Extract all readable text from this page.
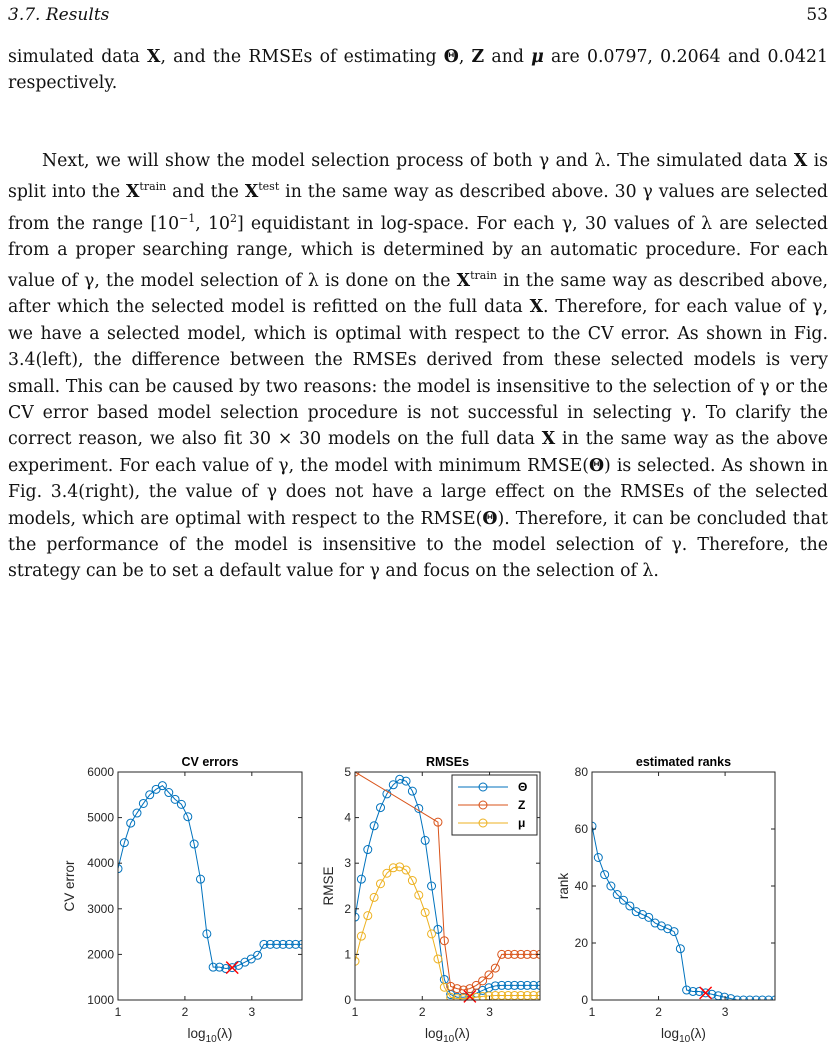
3.7. Results	53
simulated data X, and the RMSEs of estimating Θ, Z and μ are 0.0797, 0.2064 and 0.0421 respectively.
Next, we will show the model selection process of both γ and λ. The simulated data X is split into the $X^{train}$ and the $X^{test}$ in the same way as described above. 30 γ values are selected from the range [$10^{-1}$, $10^2$] equidistant in log-space. For each γ, 30 values of λ are selected from a proper searching range, which is determined by an automatic procedure. For each value of γ, the model selection of λ is done on the $X^{train}$ in the same way as described above, after which the selected model is refitted on the full data X. Therefore, for each value of γ, we have a selected model, which is optimal with respect to the CV error. As shown in Fig. 3.4(left), the difference between the RMSEs derived from these selected models is very small. This can be caused by two reasons: the model is insensitive to the selection of γ or the CV error based model selection procedure is not successful in selecting γ. To clarify the correct reason, we also fit 30 × 30 models on the full data X in the same way as the above experiment. For each value of γ, the model with minimum RMSE(Θ) is selected. As shown in Fig. 3.4(right), the value of γ does not have a large effect on the RMSEs of the selected models, which are optimal with respect to the RMSE(Θ). Therefore, it can be concluded that the performance of the model is insensitive to the model selection of γ. Therefore, the strategy can be to set a default value for γ and focus on the selection of λ.
CV errors
1	2	3
1000
2000
3000
4000
5000
6000
$\log_{10}(\lambda)$
CV error
RMSEs
1	2	3
0
1
2
3
4
5
$\log_{10}(\lambda)$
RMSE
Θ
Z
μ
estimated ranks
1	2	3
0
20
40
60
80
$\log_{10}(\lambda)$
rank
